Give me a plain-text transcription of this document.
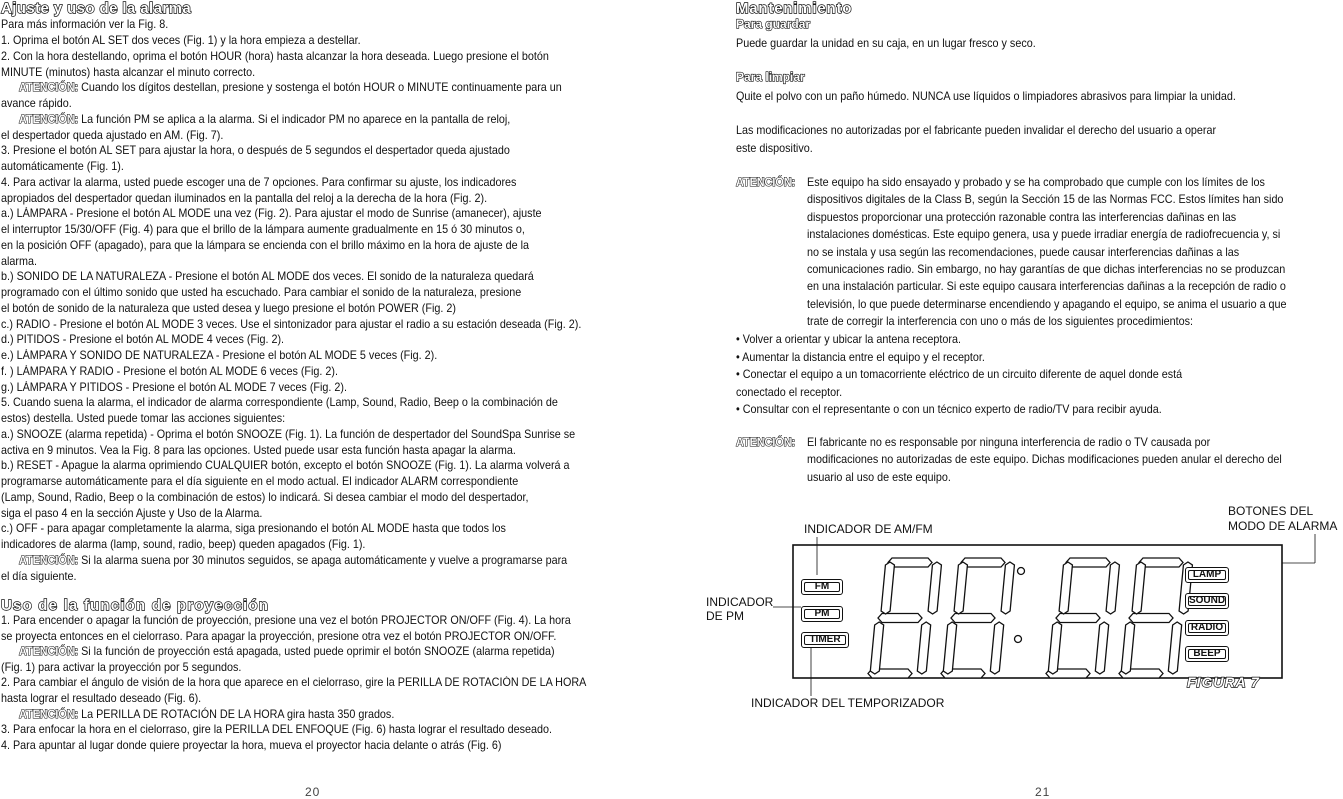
Ajuste y uso de la alarma
Para más información ver la Fig. 8.
1. Oprima el botón AL SET dos veces (Fig. 1) y la hora empieza a destellar.
2. Con la hora destellando, oprima el botón HOUR (hora) hasta alcanzar la hora deseada. Luego presione el botón
MINUTE (minutos) hasta alcanzar el minuto correcto.
ATENCIÓN: Cuando los dígitos destellan, presione y sostenga el botón HOUR o MINUTE continuamente para un
avance rápido.
ATENCIÓN: La función PM se aplica a la alarma. Si el indicador PM no aparece en la pantalla de reloj,
el despertador queda ajustado en AM. (Fig. 7).
3. Presione el botón AL SET para ajustar la hora, o después de 5 segundos el despertador queda ajustado
automáticamente (Fig. 1).
4. Para activar la alarma, usted puede escoger una de 7 opciones. Para confirmar su ajuste, los indicadores
apropiados del despertador quedan iluminados en la pantalla del reloj a la derecha de la hora (Fig. 2).
a.) LÁMPARA - Presione el botón AL MODE una vez (Fig. 2). Para ajustar el modo de Sunrise (amanecer), ajuste
el interruptor 15/30/OFF (Fig. 4) para que el brillo de la lámpara aumente gradualmente en 15 ó 30 minutos o,
en la posición OFF (apagado), para que la lámpara se encienda con el brillo máximo en la hora de ajuste de la
alarma.
b.) SONIDO DE LA NATURALEZA - Presione el botón AL MODE dos veces. El sonido de la naturaleza quedará
programado con el último sonido que usted ha escuchado. Para cambiar el sonido de la naturaleza, presione
el botón de sonido de la naturaleza que usted desea y luego presione el botón POWER (Fig. 2)
c.) RADIO - Presione el botón AL MODE 3 veces. Use el sintonizador para ajustar el radio a su estación deseada (Fig. 2).
d.) PITIDOS - Presione el botón AL MODE 4 veces (Fig. 2).
e.) LÁMPARA Y SONIDO DE NATURALEZA - Presione el botón AL MODE 5 veces (Fig. 2).
f. ) LÁMPARA Y RADIO - Presione el botón AL MODE 6 veces (Fig. 2).
g.) LÁMPARA Y PITIDOS - Presione el botón AL MODE 7 veces (Fig. 2).
5. Cuando suena la alarma, el indicador de alarma correspondiente (Lamp, Sound, Radio, Beep o la combinación de
estos) destella. Usted puede tomar las acciones siguientes:
a.) SNOOZE (alarma repetida) - Oprima el botón SNOOZE (Fig. 1). La función de despertador del SoundSpa Sunrise se
activa en 9 minutos. Vea la Fig. 8 para las opciones. Usted puede usar esta función hasta apagar la alarma.
b.) RESET - Apague la alarma oprimiendo CUALQUIER botón, excepto el botón SNOOZE (Fig. 1). La alarma volverá a
programarse automáticamente para el día siguiente en el modo actual. El indicador ALARM correspondiente
(Lamp, Sound, Radio, Beep o la combinación de estos) lo indicará. Si desea cambiar el modo del despertador,
siga el paso 4 en la sección Ajuste y Uso de la Alarma.
c.) OFF - para apagar completamente la alarma, siga presionando el botón AL MODE hasta que todos los
indicadores de alarma (lamp, sound, radio, beep) queden apagados (Fig. 1).
ATENCIÓN: Si la alarma suena por 30 minutos seguidos, se apaga automáticamente y vuelve a programarse para
el día siguiente.
Uso de la función de proyección
1. Para encender o apagar la función de proyección, presione una vez el botón PROJECTOR ON/OFF (Fig. 4). La hora
se proyecta entonces en el cielorraso. Para apagar la proyección, presione otra vez el botón PROJECTOR ON/OFF.
ATENCIÓN: Si la función de proyección está apagada, usted puede oprimir el botón SNOOZE (alarma repetida)
(Fig. 1) para activar la proyección por 5 segundos.
2. Para cambiar el ángulo de visión de la hora que aparece en el cielorraso, gire la PERILLA DE ROTACIÓN DE LA HORA
hasta lograr el resultado deseado (Fig. 6).
ATENCIÓN: La PERILLA DE ROTACIÓN DE LA HORA gira hasta 350 grados.
3. Para enfocar la hora en el cielorraso, gire la PERILLA DEL ENFOQUE (Fig. 6) hasta lograr el resultado deseado.
4. Para apuntar al lugar donde quiere proyectar la hora, mueva el proyector hacia delante o atrás (Fig. 6)
20
Mantenimiento
Para guardar
Puede guardar la unidad en su caja, en un lugar fresco y seco.
Para limpiar
Quite el polvo con un paño húmedo. NUNCA use líquidos o limpiadores abrasivos para limpiar la unidad.
Las modificaciones no autorizadas por el fabricante pueden invalidar el derecho del usuario a operar
este dispositivo.
ATENCIÓN: Este equipo ha sido ensayado y probado y se ha comprobado que cumple con los límites de los
dispositivos digitales de la Class B, según la Sección 15 de las Normas FCC. Estos límites han sido
dispuestos proporcionar una protección razonable contra las interferencias dañinas en las
instalaciones domésticas. Este equipo genera, usa y puede irradiar energía de radiofrecuencia y, si
no se instala y usa según las recomendaciones, puede causar interferencias dañinas a las
comunicaciones radio. Sin embargo, no hay garantías de que dichas interferencias no se produzcan
en una instalación particular. Si este equipo causara interferencias dañinas a la recepción de radio o
televisión, lo que puede determinarse encendiendo y apagando el equipo, se anima el usuario a que
trate de corregir la interferencia con uno o más de los siguientes procedimientos:
• Volver a orientar y ubicar la antena receptora.
• Aumentar la distancia entre el equipo y el receptor.
• Conectar el equipo a un tomacorriente eléctrico de un circuito diferente de aquel donde está
conectado el receptor.
• Consultar con el representante o con un técnico experto de radio/TV para recibir ayuda.
ATENCIÓN: El fabricante no es responsable por ninguna interferencia de radio o TV causada por
modificaciones no autorizadas de este equipo. Dichas modificaciones pueden anular el derecho del
usuario al uso de este equipo.
INDICADOR DE AM/FM
INDICADOR
DE PM
BOTONES DEL
MODO DE ALARMA
INDICADOR DEL TEMPORIZADOR
FM
PM
TIMER
LAMP
SOUND
RADIO
BEEP
FIGURA 7
21
